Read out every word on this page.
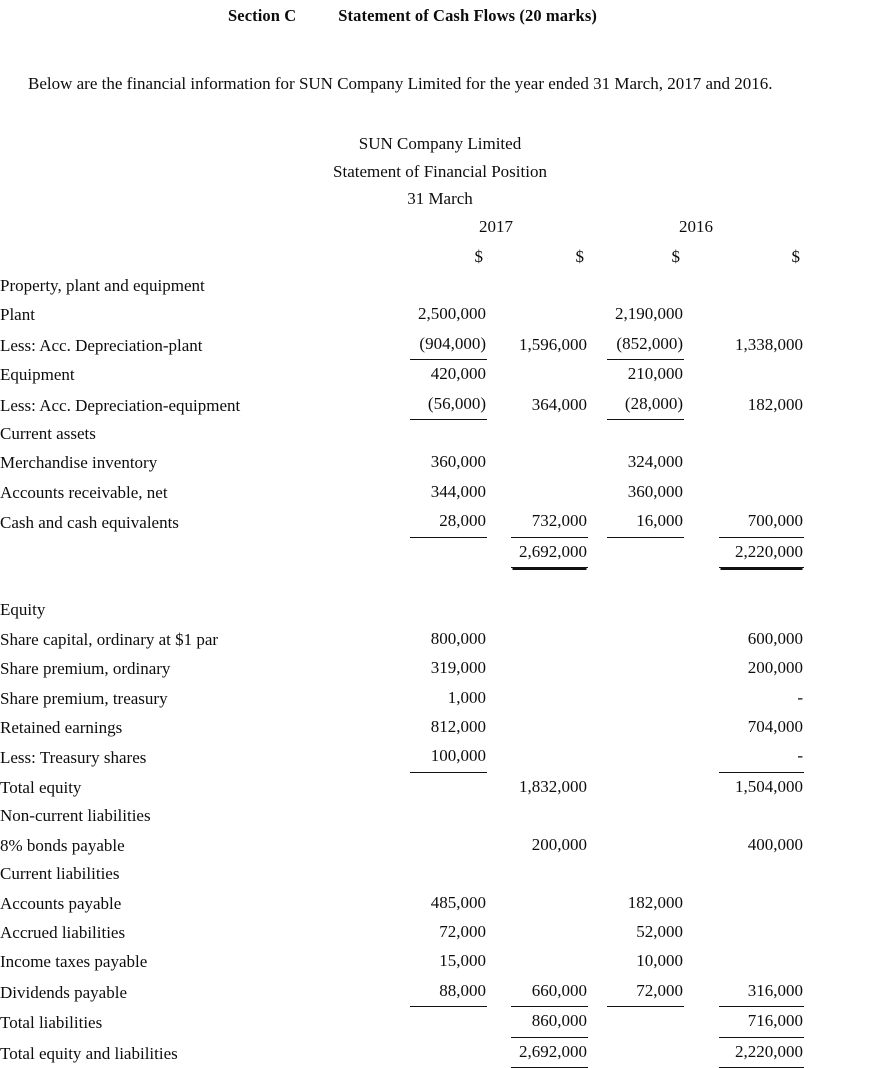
Section C	Statement of Cash Flows (20 marks)

Below are the financial information for SUN Company Limited for the year ended 31 March, 2017 and 2016.

SUN Company Limited
Statement of Financial Position
31 March
	2017		2016		
	$	$	$	$	
Property, plant and equipment					
Plant	2,500,000		2,190,000		
Less: Acc. Depreciation-plant	(904,000)	1,596,000	(852,000)	1,338,000	
Equipment	420,000		210,000		
Less: Acc. Depreciation-equipment	(56,000)	364,000	(28,000)	182,000	
Current assets					
Merchandise inventory	360,000		324,000		
Accounts receivable, net	344,000		360,000		
Cash and cash equivalents	28,000	732,000	16,000	700,000	
		2,692,000		2,220,000	

Equity					
Share capital, ordinary at $1 par	800,000			600,000	
Share premium, ordinary	319,000			200,000	
Share premium, treasury	1,000			-	
Retained earnings	812,000			704,000	
Less: Treasury shares	100,000			-	
Total equity		1,832,000		1,504,000	
Non-current liabilities					
8% bonds payable		200,000		400,000	
Current liabilities					
Accounts payable	485,000		182,000		
Accrued liabilities	72,000		52,000		
Income taxes payable	15,000		10,000		
Dividends payable	88,000	660,000	72,000	316,000	
Total liabilities		860,000		716,000	
Total equity and liabilities		2,692,000		2,220,000	
